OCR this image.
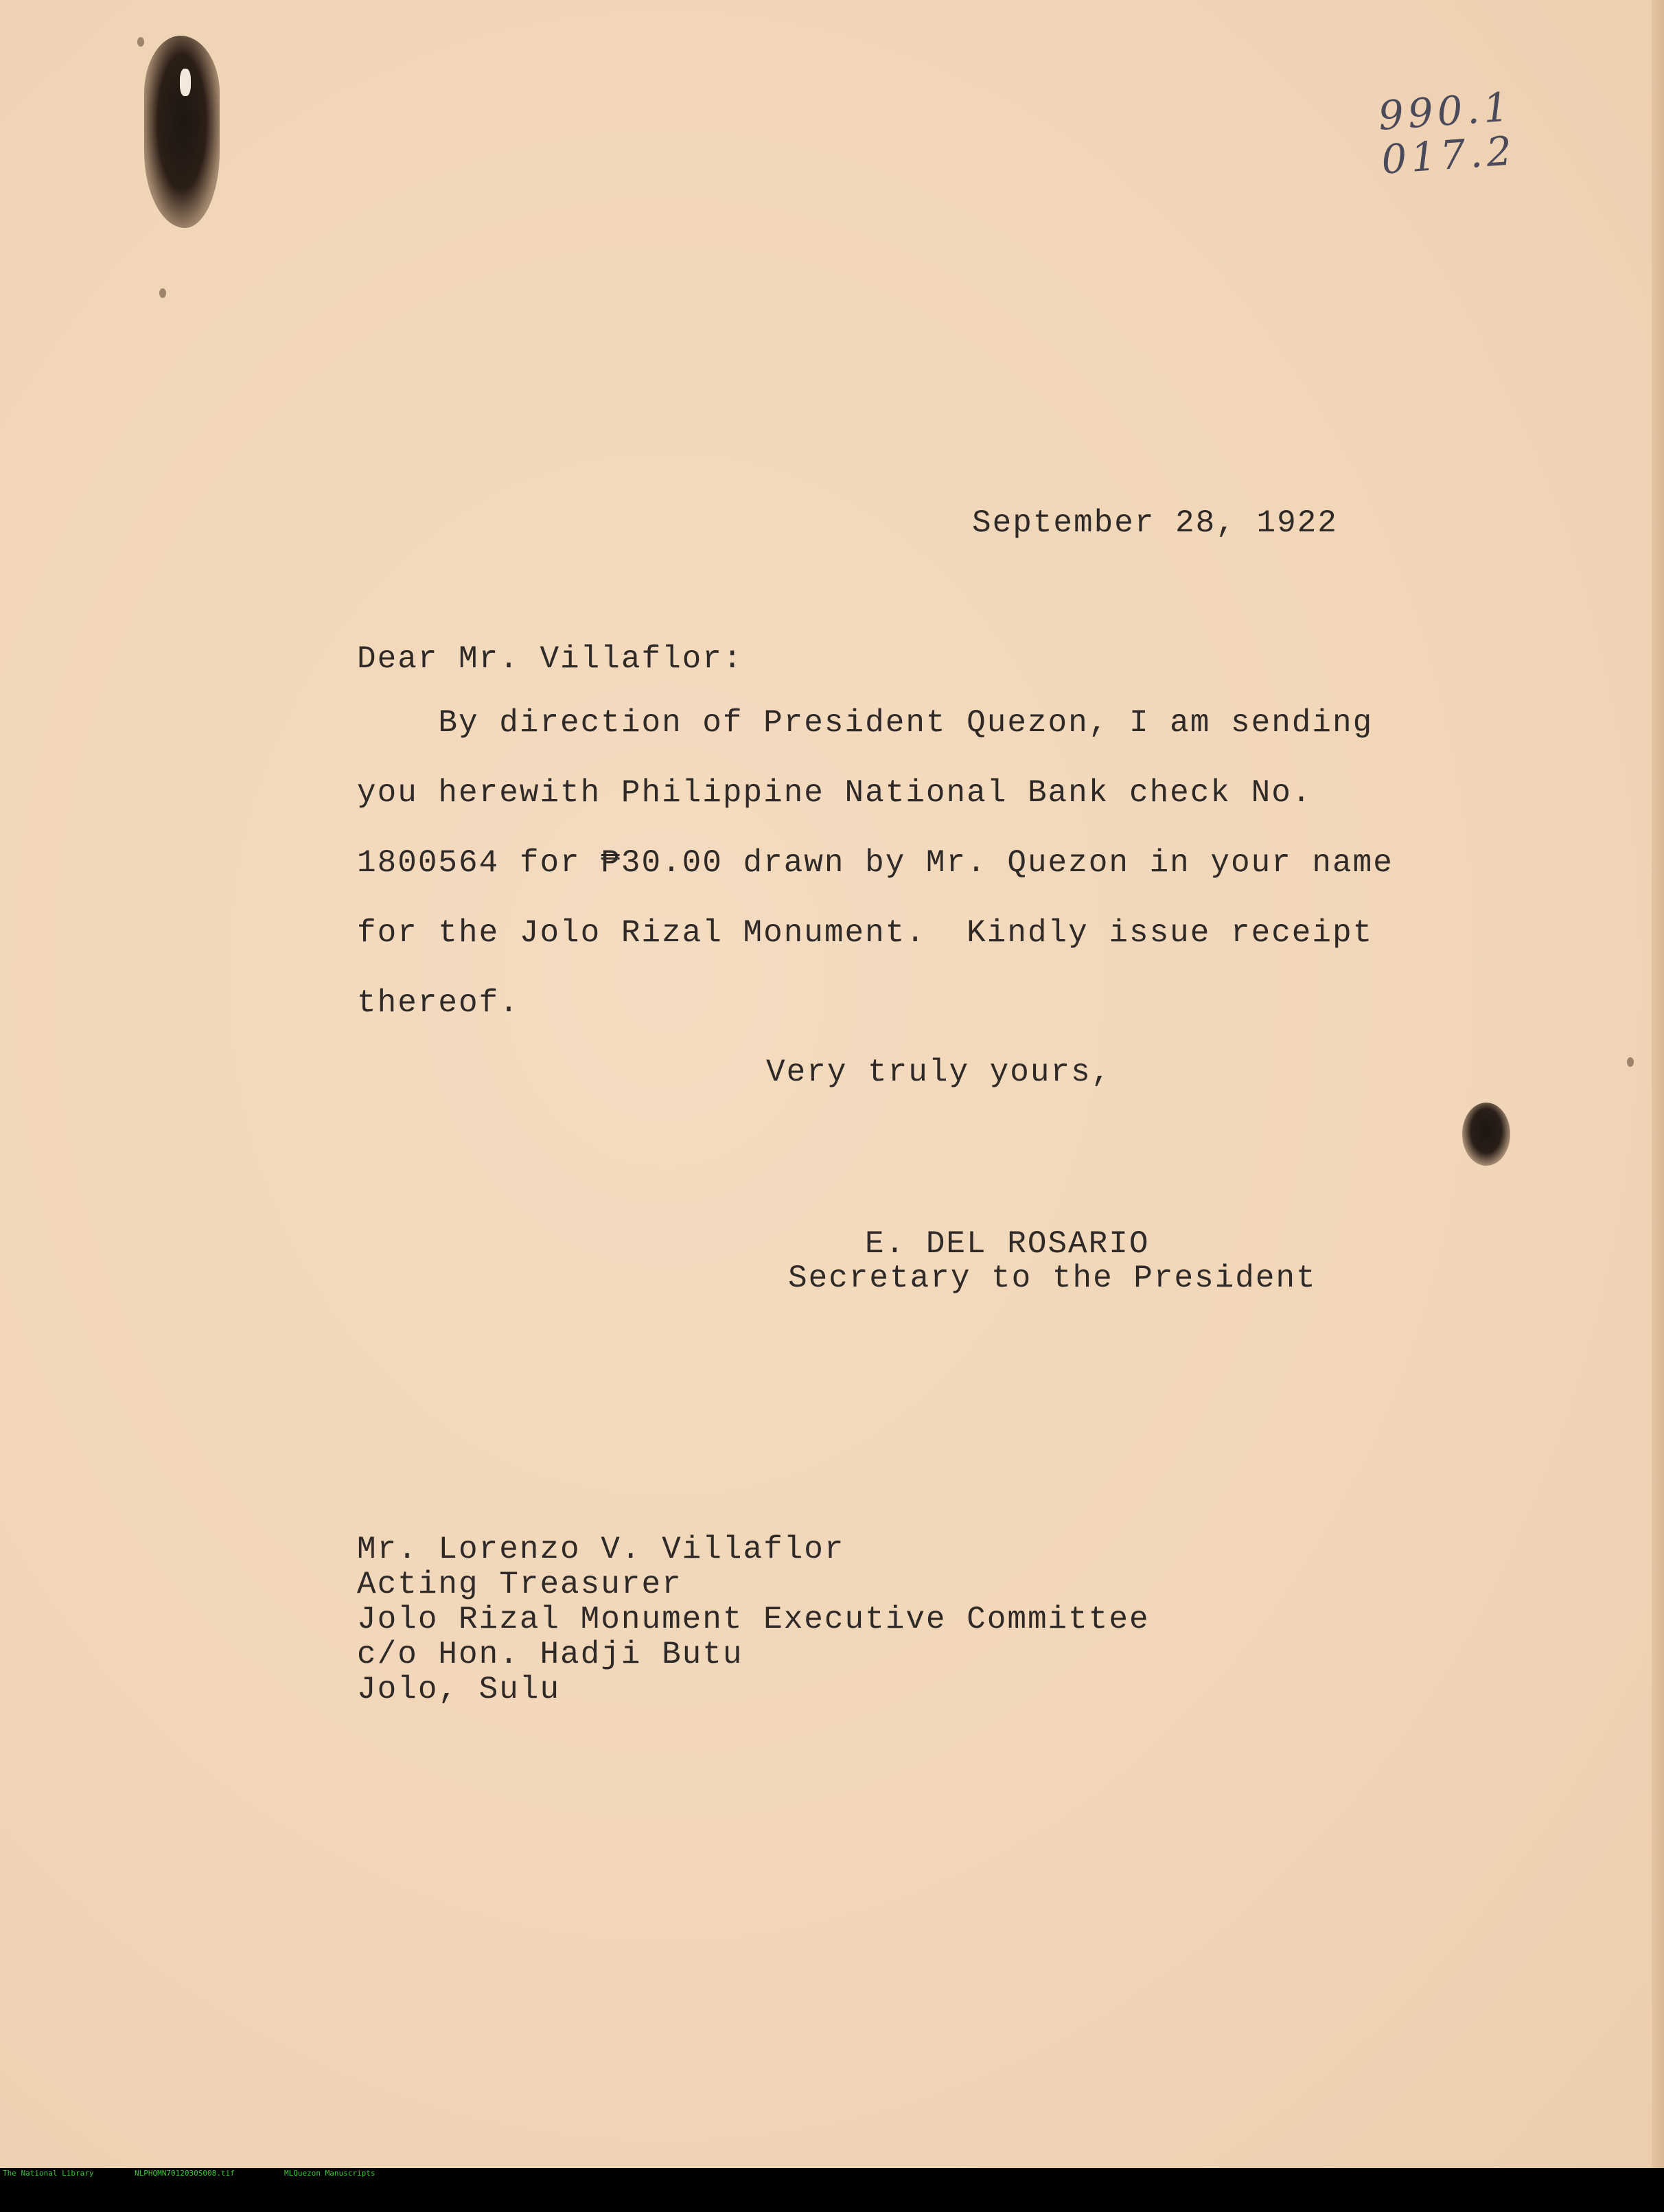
990.1
017.2

September 28, 1922

Dear Mr. Villaflor:

By direction of President Quezon, I am sending
you herewith Philippine National Bank check No.
1800564 for ₱30.00 drawn by Mr. Quezon in your name
for the Jolo Rizal Monument.  Kindly issue receipt
thereof.

Very truly yours,

E. DEL ROSARIO

Secretary to the President

Mr. Lorenzo V. Villaflor
Acting Treasurer
Jolo Rizal Monument Executive Committee
c/o Hon. Hadji Butu
Jolo, Sulu

The National Library

	NLPHQMN7012030S008.tif

	MLQuezon Manuscripts
